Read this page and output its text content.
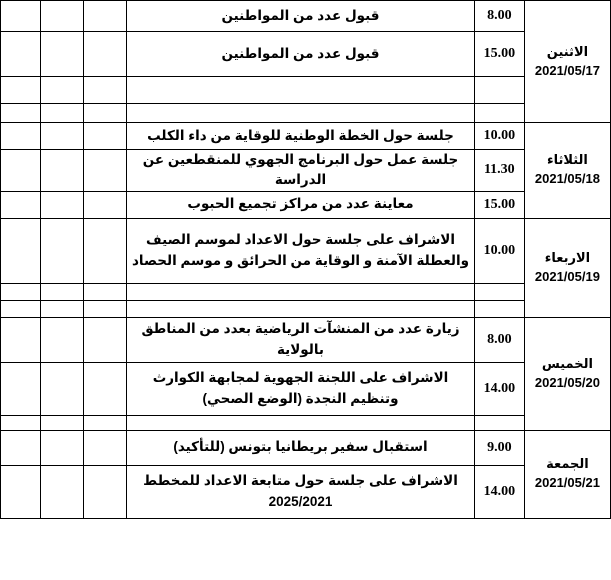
الاثنين
2021/05/17	8.00	قبول عدد من المواطنين			
	15.00	قبول عدد من المواطنين			

الثلاثاء
2021/05/18	10.00	جلسة حول الخطة الوطنية للوقاية من داء الكلب			
	11.30	جلسة عمل حول البرنامج الجهوي للمنقطعين عن
الدراسة			

	15.00	معاينة عدد من مراكز تجميع الحبوب			

الاربعاء
2021/05/19	10.00	الاشراف على جلسة حول الاعداد لموسم الصيف والعطلة الآمنة و الوقاية من الحرائق و موسم الحصاد			

الخميس
2021/05/20	8.00	زيارة عدد من المنشآت الرياضية بعدد من المناطق بالولاية			
	14.00	الاشراف على اللجنة الجهوية لمجابهة الكوارث وتنظيم النجدة (الوضع الصحي)			

الجمعة
2021/05/21	9.00	استقبال سفير بريطانيا بتونس (للتأكيد)			
	14.00	الاشراف على جلسة حول متابعة الاعداد للمخطط
2025/2021			
